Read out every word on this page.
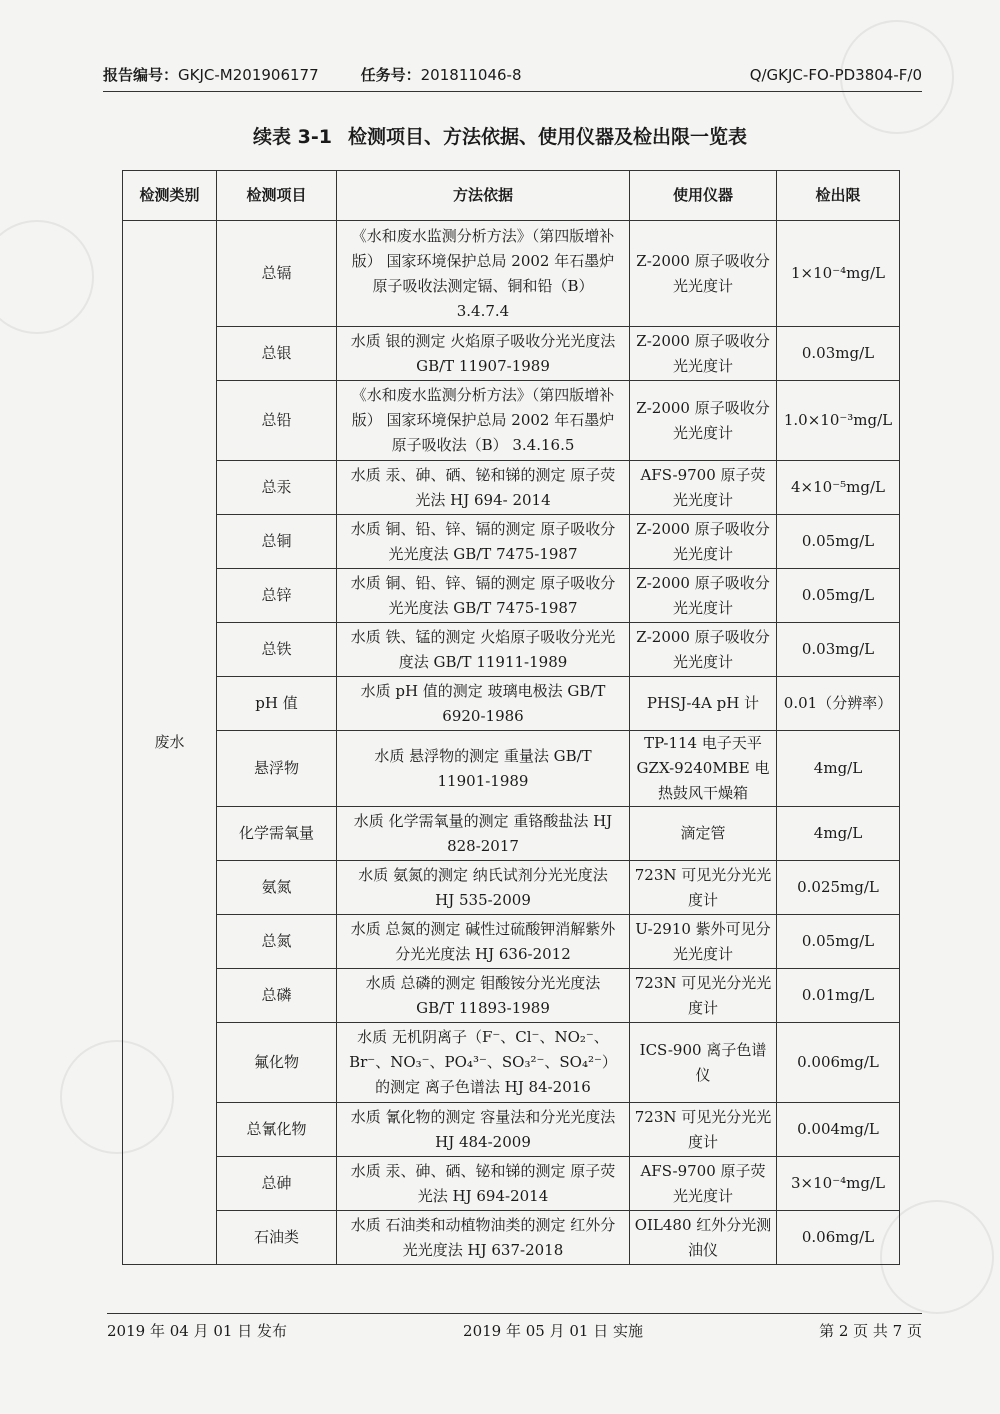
报告编号：GKJC-M201906177	任务号：201811046-8	Q/GKJC-FO-PD3804-F/0
续表 3-1 检测项目、方法依据、使用仪器及检出限一览表
检测类别	检测项目	方法依据	使用仪器	检出限
废水	总镉	《水和废水监测分析方法》（第四版增补版） 国家环境保护总局 2002 年石墨炉原子吸收法测定镉、铜和铅（B）3.4.7.4	Z-2000 原子吸收分光光度计	1×10⁻⁴mg/L
	总银	水质 银的测定 火焰原子吸收分光光度法 GB/T 11907-1989	Z-2000 原子吸收分光光度计	0.03mg/L
	总铅	《水和废水监测分析方法》（第四版增补版） 国家环境保护总局 2002 年石墨炉原子吸收法（B） 3.4.16.5	Z-2000 原子吸收分光光度计	1.0×10⁻³mg/L
	总汞	水质 汞、砷、硒、铋和锑的测定 原子荧光法 HJ 694- 2014	AFS-9700 原子荧光光度计	4×10⁻⁵mg/L
	总铜	水质 铜、铅、锌、镉的测定 原子吸收分光光度法 GB/T 7475-1987	Z-2000 原子吸收分光光度计	0.05mg/L
	总锌	水质 铜、铅、锌、镉的测定 原子吸收分光光度法 GB/T 7475-1987	Z-2000 原子吸收分光光度计	0.05mg/L
	总铁	水质 铁、锰的测定 火焰原子吸收分光光度法 GB/T 11911-1989	Z-2000 原子吸收分光光度计	0.03mg/L
	pH 值	水质 pH 值的测定 玻璃电极法 GB/T 6920-1986	PHSJ-4A pH 计	0.01（分辨率）
	悬浮物	水质 悬浮物的测定 重量法 GB/T 11901-1989	TP-114 电子天平 GZX-9240MBE 电热鼓风干燥箱	4mg/L
	化学需氧量	水质 化学需氧量的测定 重铬酸盐法 HJ 828-2017	滴定管	4mg/L
	氨氮	水质 氨氮的测定 纳氏试剂分光光度法 HJ 535-2009	723N 可见光分光光度计	0.025mg/L
	总氮	水质 总氮的测定 碱性过硫酸钾消解紫外分光光度法 HJ 636-2012	U-2910 紫外可见分光光度计	0.05mg/L
	总磷	水质 总磷的测定 钼酸铵分光光度法 GB/T 11893-1989	723N 可见光分光光度计	0.01mg/L
	氟化物	水质 无机阴离子（F⁻、Cl⁻、NO₂⁻、Br⁻、NO₃⁻、PO₄³⁻、SO₃²⁻、SO₄²⁻）的测定 离子色谱法 HJ 84-2016	ICS-900 离子色谱仪	0.006mg/L
	总氰化物	水质 氰化物的测定 容量法和分光光度法 HJ 484-2009	723N 可见光分光光度计	0.004mg/L
	总砷	水质 汞、砷、硒、铋和锑的测定 原子荧光法 HJ 694-2014	AFS-9700 原子荧光光度计	3×10⁻⁴mg/L
	石油类	水质 石油类和动植物油类的测定 红外分光光度法 HJ 637-2018	OIL480 红外分光测油仪	0.06mg/L
2019 年 04 月 01 日 发布	2019 年 05 月 01 日 实施	第 2 页 共 7 页
